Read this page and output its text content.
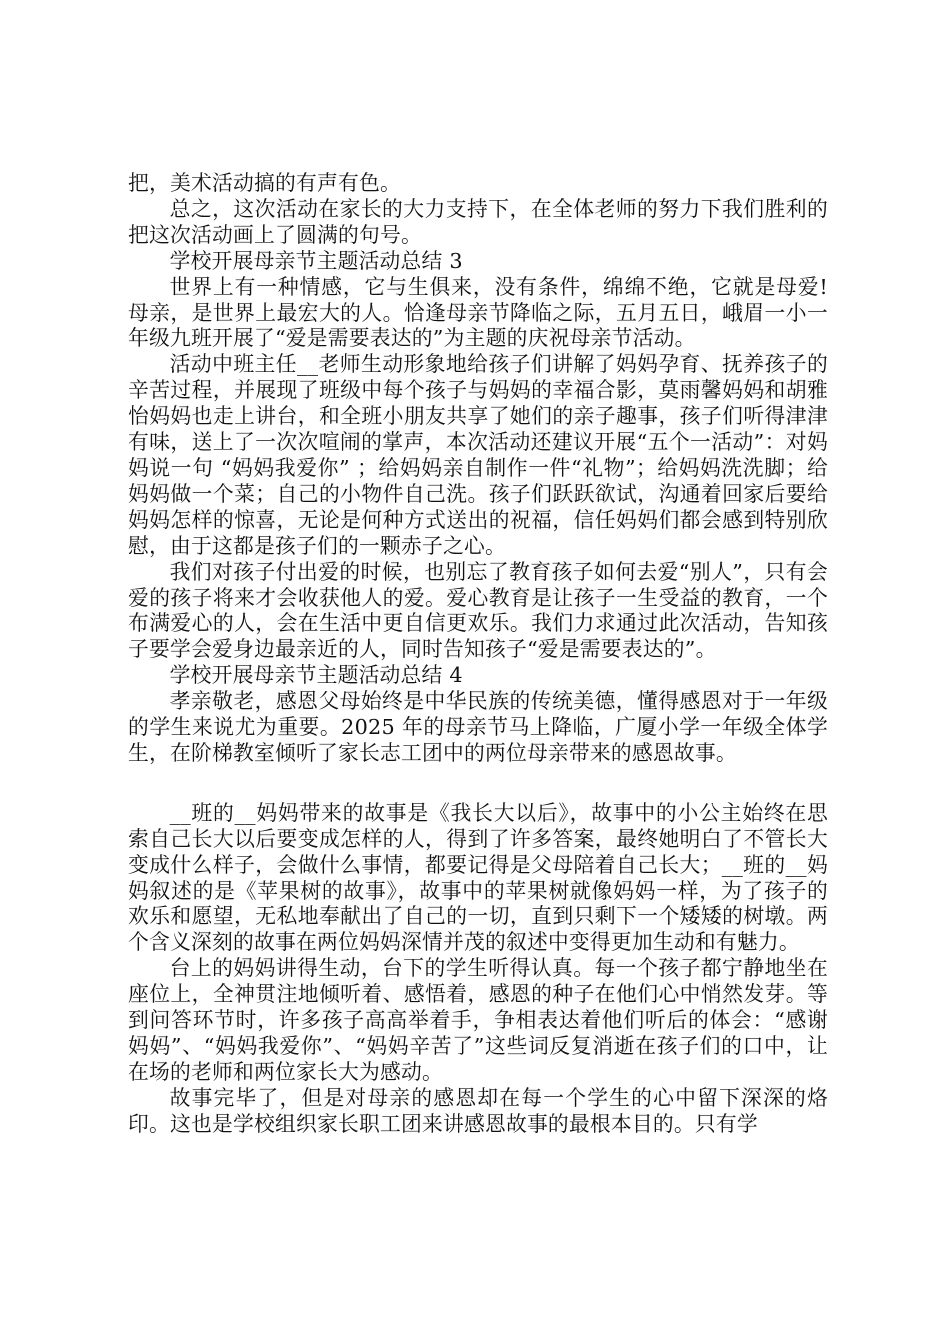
把，美术活动搞的有声有色。

总之，这次活动在家长的大力支持下，在全体老师的努力下我们胜利的把这次活动画上了圆满的句号。

学校开展母亲节主题活动总结 3

世界上有一种情感，它与生俱来，没有条件，绵绵不绝，它就是母爱!母亲，是世界上最宏大的人。恰逢母亲节降临之际，五月五日，峨眉一小一年级九班开展了“爱是需要表达的”为主题的庆祝母亲节活动。

活动中班主任__老师生动形象地给孩子们讲解了妈妈孕育、抚养孩子的辛苦过程，并展现了班级中每个孩子与妈妈的幸福合影，莫雨馨妈妈和胡雅怡妈妈也走上讲台，和全班小朋友共享了她们的亲子趣事，孩子们听得津津有味，送上了一次次喧闹的掌声，本次活动还建议开展“五个一活动”：对妈妈说一句 “妈妈我爱你” ；给妈妈亲自制作一件“礼物”；给妈妈洗洗脚；给妈妈做一个菜；自己的小物件自己洗。孩子们跃跃欲试，沟通着回家后要给妈妈怎样的惊喜，无论是何种方式送出的祝福，信任妈妈们都会感到特别欣慰，由于这都是孩子们的一颗赤子之心。

我们对孩子付出爱的时候，也别忘了教育孩子如何去爱“别人”，只有会爱的孩子将来才会收获他人的爱。爱心教育是让孩子一生受益的教育，一个布满爱心的人，会在生活中更自信更欢乐。我们力求通过此次活动，告知孩子要学会爱身边最亲近的人，同时告知孩子“爱是需要表达的”。

学校开展母亲节主题活动总结 4

孝亲敬老，感恩父母始终是中华民族的传统美德，懂得感恩对于一年级的学生来说尤为重要。2025 年的母亲节马上降临，广厦小学一年级全体学生，在阶梯教室倾听了家长志工团中的两位母亲带来的感恩故事。

__班的__妈妈带来的故事是《我长大以后》，故事中的小公主始终在思索自己长大以后要变成怎样的人，得到了许多答案，最终她明白了不管长大变成什么样子，会做什么事情，都要记得是父母陪着自己长大；__班的__妈妈叙述的是《苹果树的故事》，故事中的苹果树就像妈妈一样，为了孩子的欢乐和愿望，无私地奉献出了自己的一切，直到只剩下一个矮矮的树墩。两个含义深刻的故事在两位妈妈深情并茂的叙述中变得更加生动和有魅力。

台上的妈妈讲得生动，台下的学生听得认真。每一个孩子都宁静地坐在座位上，全神贯注地倾听着、感悟着，感恩的种子在他们心中悄然发芽。等到问答环节时，许多孩子高高举着手，争相表达着他们听后的体会：“感谢妈妈”、“妈妈我爱你”、“妈妈辛苦了”这些词反复消逝在孩子们的口中，让在场的老师和两位家长大为感动。

故事完毕了，但是对母亲的感恩却在每一个学生的心中留下深深的烙印。这也是学校组织家长职工团来讲感恩故事的最根本目的。只有学
